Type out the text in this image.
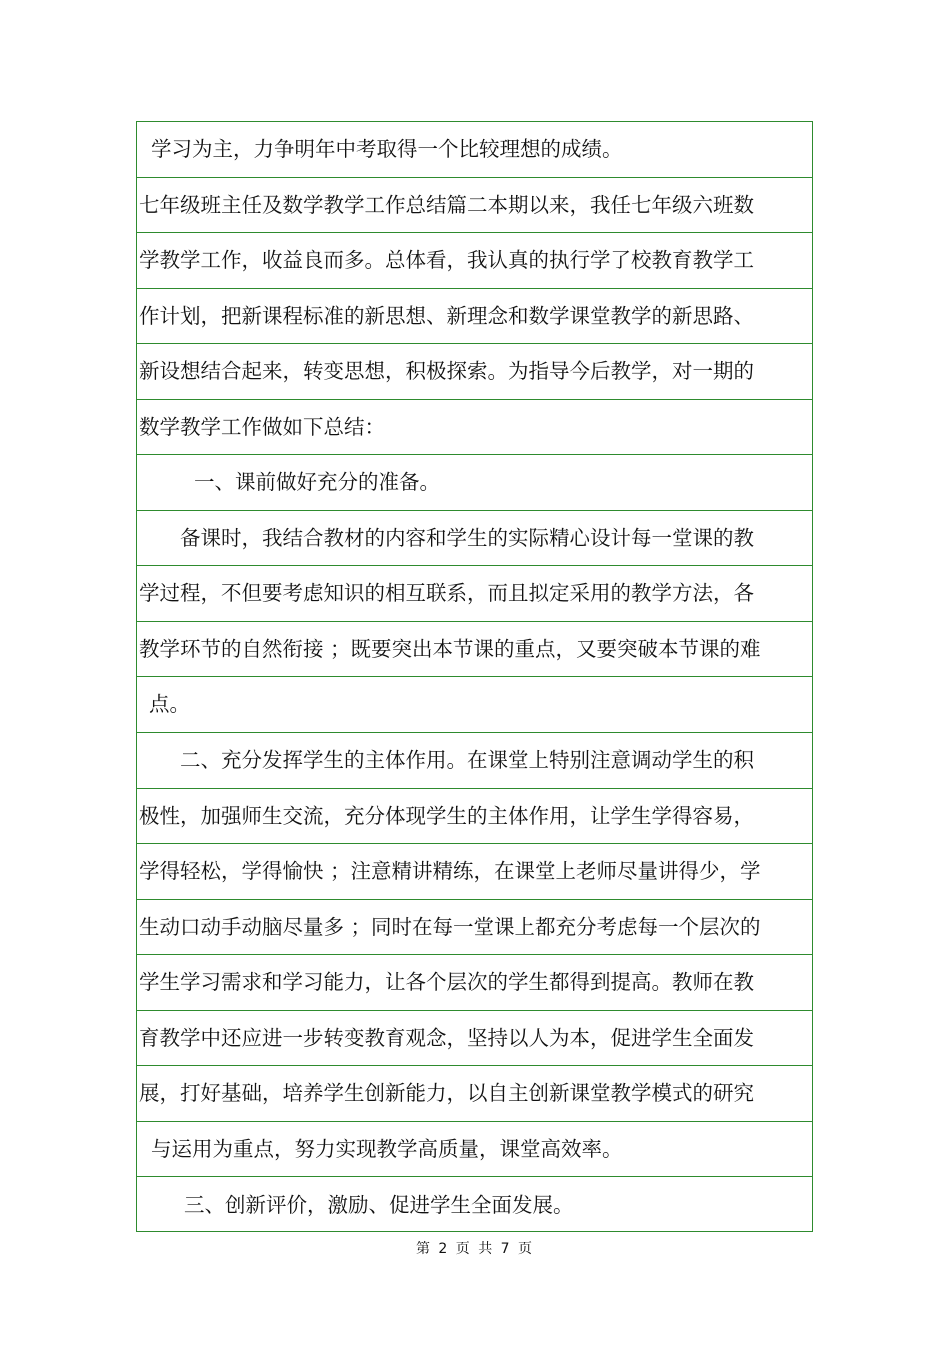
学习为主，力争明年中考取得一个比较理想的成绩。
七年级班主任及数学教学工作总结篇二本期以来，我任七年级六班数
学教学工作，收益良而多。总体看，我认真的执行学了校教育教学工
作计划，把新课程标准的新思想、新理念和数学课堂教学的新思路、
新设想结合起来，转变思想，积极探索。为指导今后教学，对一期的
数学教学工作做如下总结：
一、课前做好充分的准备。
备课时，我结合教材的内容和学生的实际精心设计每一堂课的教
学过程，不但要考虑知识的相互联系，而且拟定采用的教学方法，各
教学环节的自然衔接 ；既要突出本节课的重点，又要突破本节课的难
点。
二、充分发挥学生的主体作用。在课堂上特别注意调动学生的积
极性，加强师生交流，充分体现学生的主体作用，让学生学得容易，
学得轻松，学得愉快 ；注意精讲精练，在课堂上老师尽量讲得少，学
生动口动手动脑尽量多 ；同时在每一堂课上都充分考虑每一个层次的
学生学习需求和学习能力，让各个层次的学生都得到提高。教师在教
育教学中还应进一步转变教育观念，坚持以人为本，促进学生全面发
展，打好基础，培养学生创新能力，以自主创新课堂教学模式的研究
与运用为重点，努力实现教学高质量，课堂高效率。
三、创新评价，激励、促进学生全面发展。
第 2 页 共 7 页
